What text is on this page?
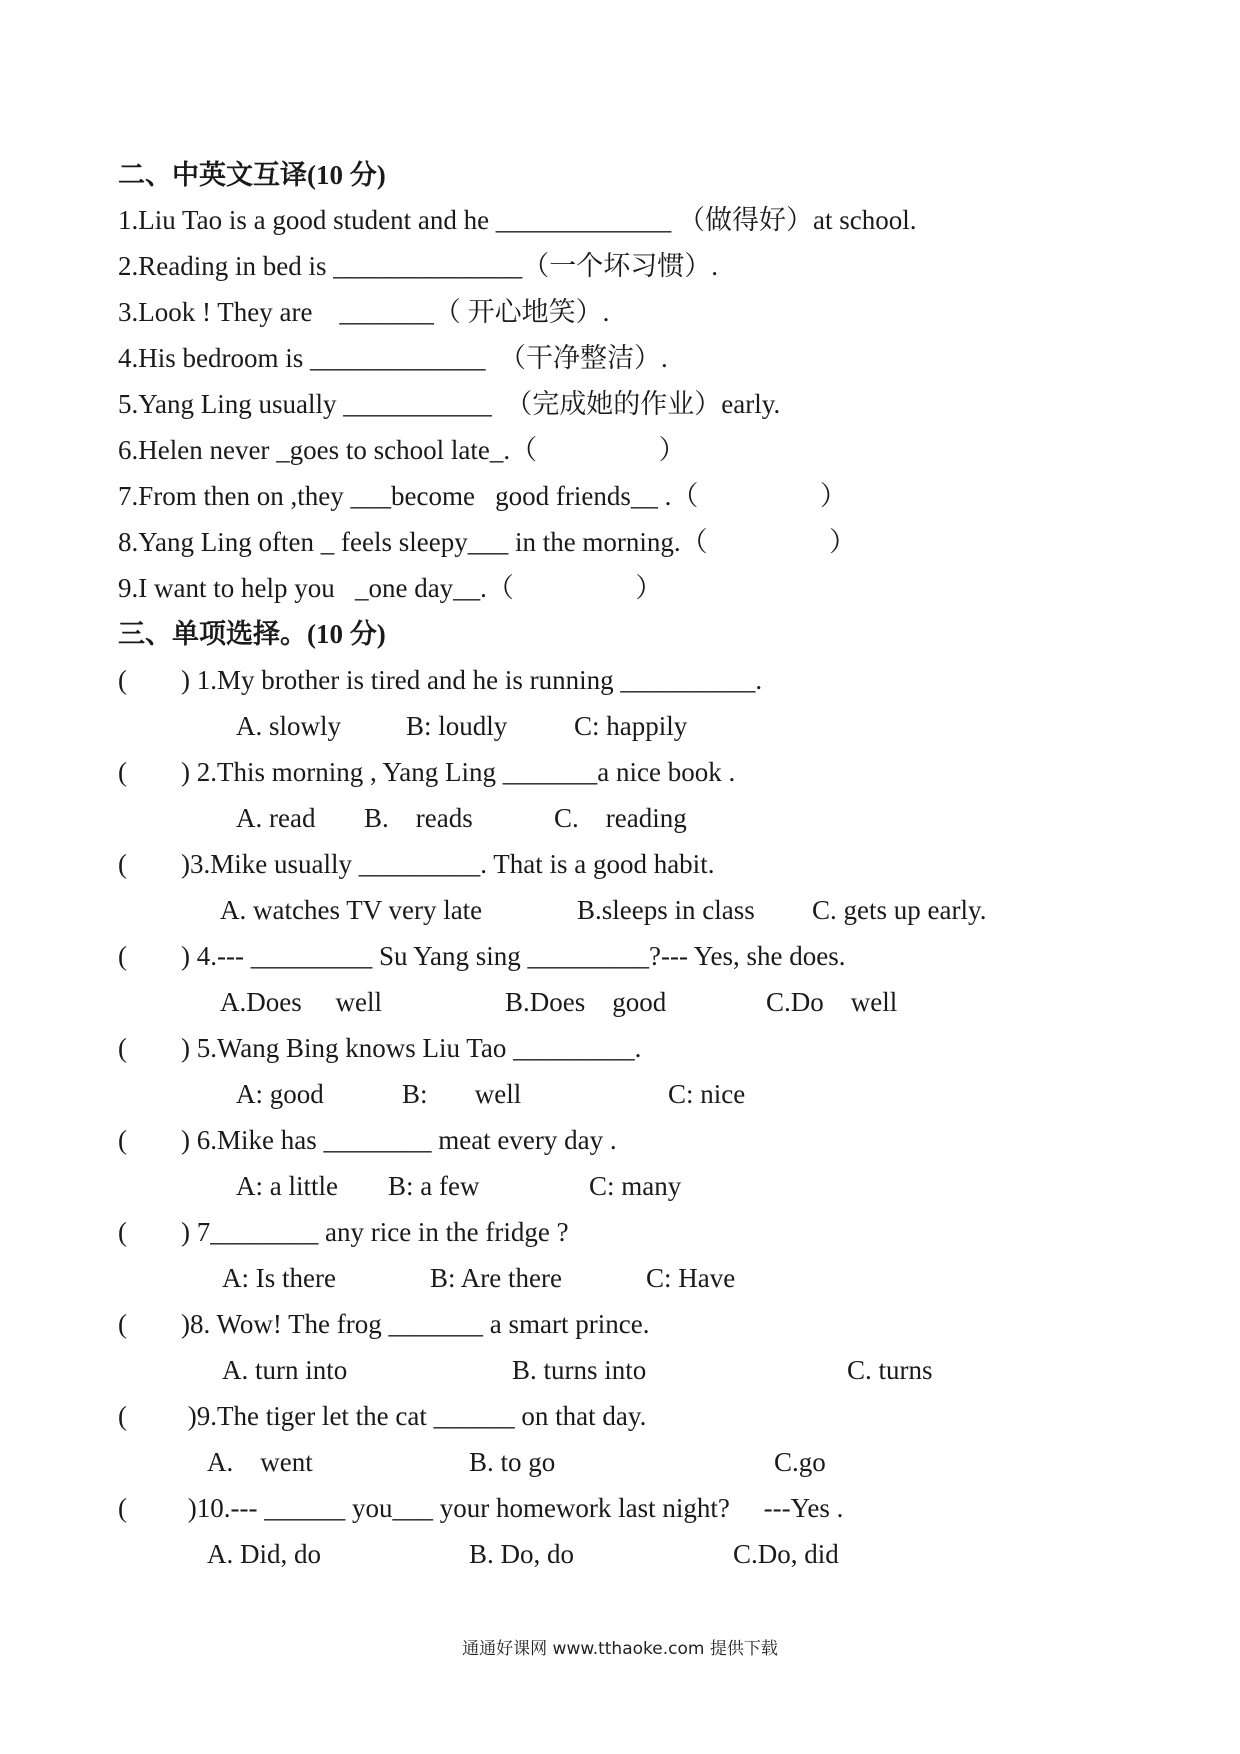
二、中英文互译(10 分)
1.Liu Tao is a good student and he _____________ （做得好）at school.
2.Reading in bed is ______________（一个坏习惯）.
3.Look ! They are    _______（ 开心地笑）.
4.His bedroom is _____________  （干净整洁）.
5.Yang Ling usually ___________  （完成她的作业）early.
6.Helen never _goes to school late_.（                  ）
7.From then on ,they ___become   good friends__ .（                  ）
8.Yang Ling often _ feels sleepy___ in the morning.（                  ）
9.I want to help you   _one day__.（                  ）
三、单项选择。(10 分)
(        ) 1.My brother is tired and he is running __________.
A. slowly B: loudly C: happily
(        ) 2.This morning , Yang Ling _______a nice book .
A. read B.    reads	C.    reading
(        )3.Mike usually _________. That is a good habit.
A. watches TV very late	B.sleeps in class C. gets up early.
(        ) 4.--- _________ Su Yang sing _________?--- Yes, she does.
A.Does     well	B.Does    good	C.Do    well
(        ) 5.Wang Bing knows Liu Tao _________.
A: good	B:       well	C: nice
(        ) 6.Mike has ________ meat every day .
A: a little B: a few	C: many
(        ) 7________ any rice in the fridge ?
A: Is there	B: Are there	C: Have
(        )8. Wow! The frog _______ a smart prince.
A. turn into	B. turns into	C. turns
(         )9.The tiger let the cat ______ on that day.
A.    went	B. to go	C.go
(         )10.--- ______ you___ your homework last night?     ---Yes .
A. Did, do	B. Do, do	C.Do, did
通通好课网 www.tthaoke.com 提供下载
